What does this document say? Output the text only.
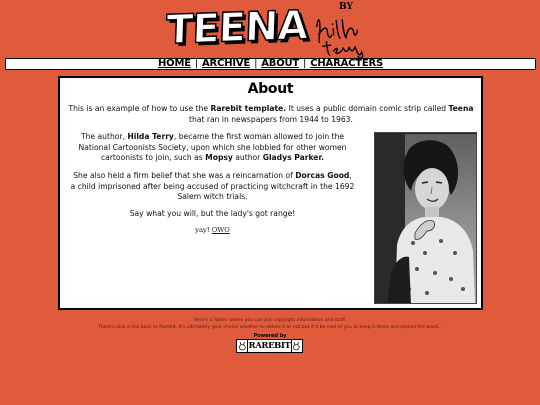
TEENA	BY
HOME | ARCHIVE | ABOUT | CHARACTERS
About

This is an example of how to use the Rarebit template. It uses a public domain comic strip called Teena that ran in newspapers from 1944 to 1963.

The author, Hilda Terry, became the first woman allowed to join the National Cartoonists Society, upon which she lobbied for other women cartoonists to join, such as Mopsy author Gladys Parker.

She also held a firm belief that she was a reincarnation of Dorcas Good, a child imprisoned after being accused of practicing witchcraft in the 1692 Salem witch trials.

Say what you will, but the lady's got range!

yay! OWO

Here's a footer where you can put copyright information and stuff.
There's also a link back to Rarebit. It's ultimately your choice whether to delete it or not but it'd be cool of you to keep it there and spread the word...
Powered by
RAREBIT
